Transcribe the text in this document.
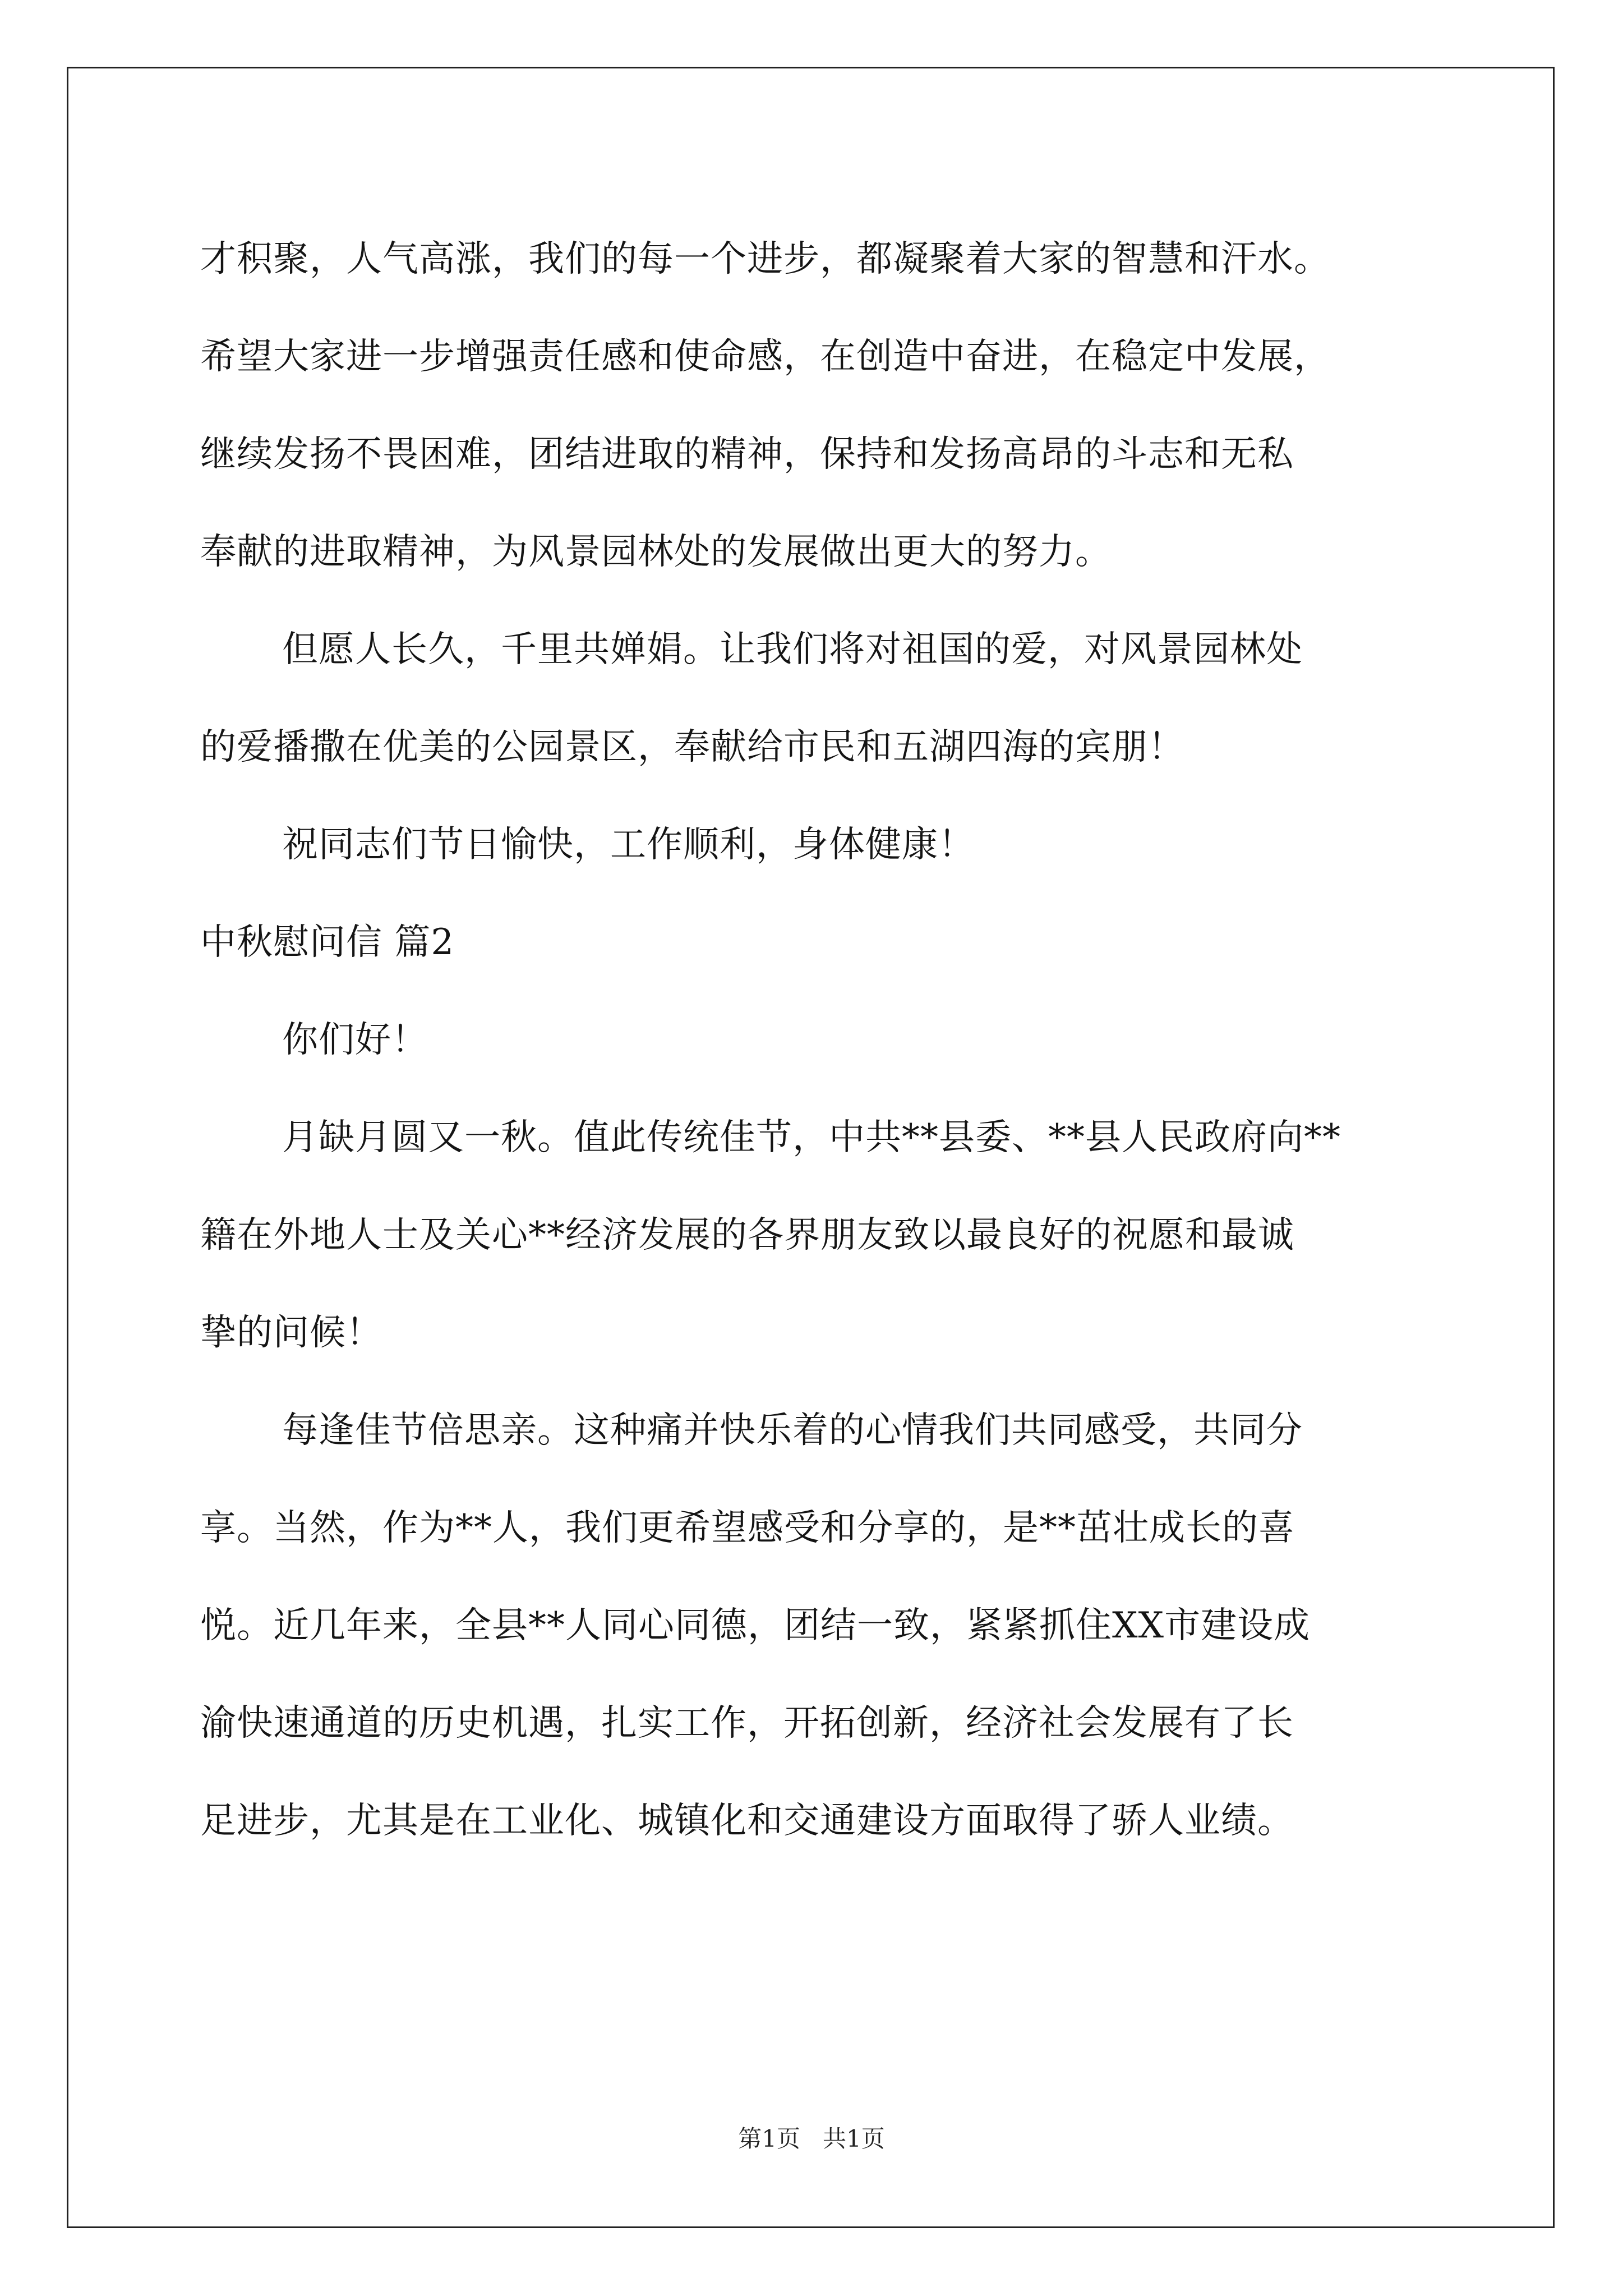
才积聚，人气高涨，我们的每一个进步，都凝聚着大家的智慧和汗水。
希望大家进一步增强责任感和使命感，在创造中奋进，在稳定中发展，
继续发扬不畏困难，团结进取的精神，保持和发扬高昂的斗志和无私
奉献的进取精神，为风景园林处的发展做出更大的努力。
但愿人长久，千里共婵娟。让我们将对祖国的爱，对风景园林处
的爱播撒在优美的公园景区，奉献给市民和五湖四海的宾朋！
祝同志们节日愉快，工作顺利，身体健康！
中秋慰问信 篇2
你们好！
月缺月圆又一秋。值此传统佳节，中共**县委、**县人民政府向**
籍在外地人士及关心**经济发展的各界朋友致以最良好的祝愿和最诚
挚的问候！
每逢佳节倍思亲。这种痛并快乐着的心情我们共同感受，共同分
享。当然，作为**人，我们更希望感受和分享的，是**茁壮成长的喜
悦。近几年来，全县**人同心同德，团结一致，紧紧抓住XX市建设成
渝快速通道的历史机遇，扎实工作，开拓创新，经济社会发展有了长
足进步，尤其是在工业化、城镇化和交通建设方面取得了骄人业绩。
第1页   共1页
